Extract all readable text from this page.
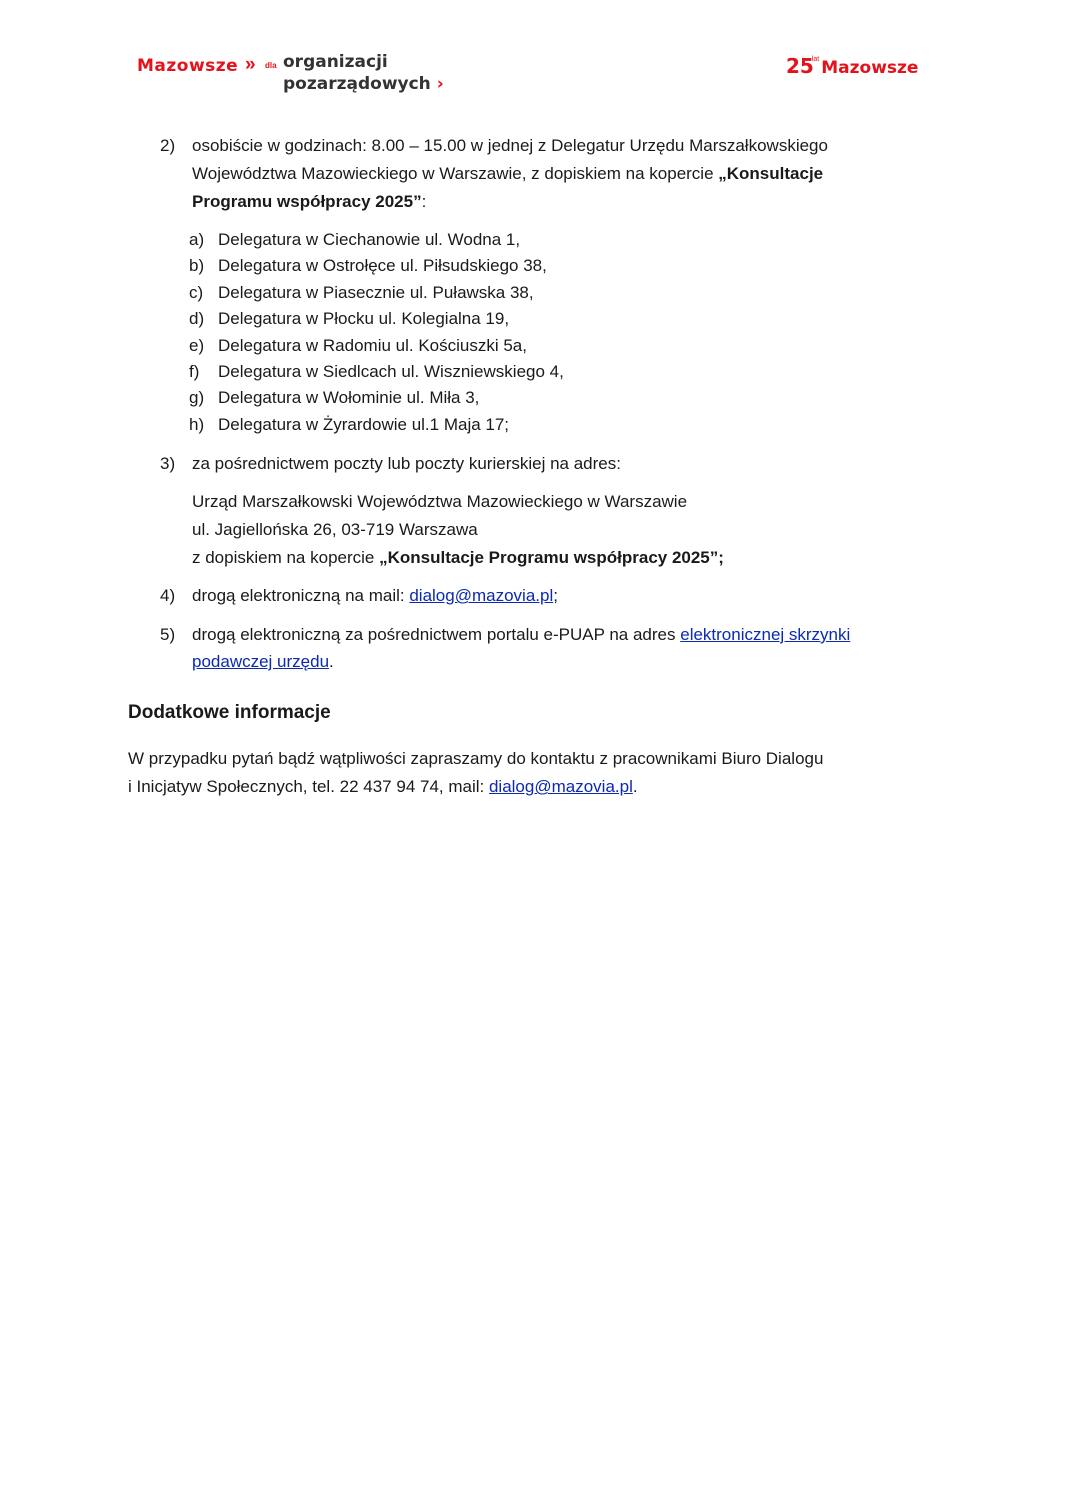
Mazowsze » dla organizacji
pozarządowych ›
$25^{lat}$ Mazowsze
2) osobiście w godzinach: 8.00 – 15.00 w jednej z Delegatur Urzędu Marszałkowskiego
Województwa Mazowieckiego w Warszawie, z dopiskiem na kopercie „Konsultacje
Programu współpracy 2025”:
a) Delegatura w Ciechanowie ul. Wodna 1,
b) Delegatura w Ostrołęce ul. Piłsudskiego 38,
c) Delegatura w Piasecznie ul. Puławska 38,
d) Delegatura w Płocku ul. Kolegialna 19,
e) Delegatura w Radomiu ul. Kościuszki 5a,
f) Delegatura w Siedlcach ul. Wiszniewskiego 4,
g) Delegatura w Wołominie ul. Miła 3,
h) Delegatura w Żyrardowie ul.1 Maja 17;
3) za pośrednictwem poczty lub poczty kurierskiej na adres:
Urząd Marszałkowski Województwa Mazowieckiego w Warszawie
ul. Jagiellońska 26, 03-719 Warszawa
z dopiskiem na kopercie „Konsultacje Programu współpracy 2025”;
4) drogą elektroniczną na mail: dialog@mazovia.pl;
5) drogą elektroniczną za pośrednictwem portalu e-PUAP na adres elektronicznej skrzynki
podawczej urzędu.
Dodatkowe informacje
W przypadku pytań bądź wątpliwości zapraszamy do kontaktu z pracownikami Biuro Dialogu
i Inicjatyw Społecznych, tel. 22 437 94 74, mail: dialog@mazovia.pl.
